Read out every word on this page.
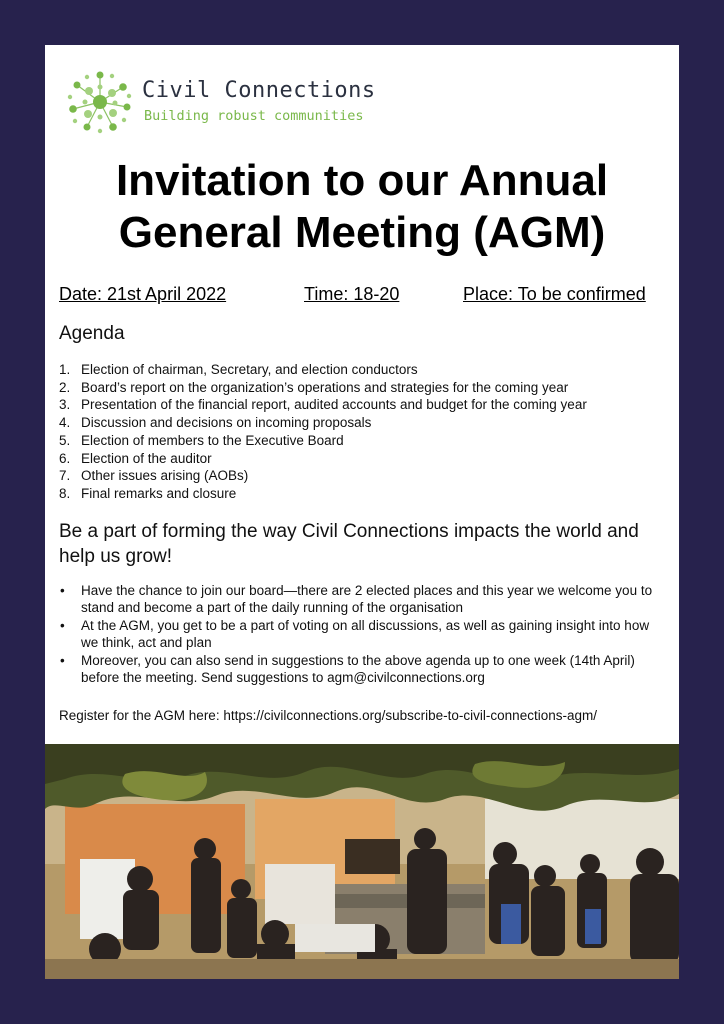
Civil Connections
Building robust communities
Invitation to our Annual
General Meeting (AGM)
Date: 21st April 2022	Time: 18-20	Place: To be confirmed
Agenda
1. Election of chairman, Secretary, and election conductors
2. Board’s report on the organization’s operations and strategies for the coming year
3. Presentation of the financial report, audited accounts and budget for the coming year
4. Discussion and decisions on incoming proposals
5. Election of members to the Executive Board
6. Election of the auditor
7. Other issues arising (AOBs)
8. Final remarks and closure
Be a part of forming the way Civil Connections impacts the world and help us grow!
• Have the chance to join our board—there are 2 elected places and this year we welcome you to stand and become a part of the daily running of the organisation
• At the AGM, you get to be a part of voting on all discussions, as well as gaining insight into how we think, act and plan
• Moreover, you can also send in suggestions to the above agenda up to one week (14th April) before the meeting. Send suggestions to agm@civilconnections.org
Register for the AGM here: https://civilconnections.org/subscribe-to-civil-connections-agm/
